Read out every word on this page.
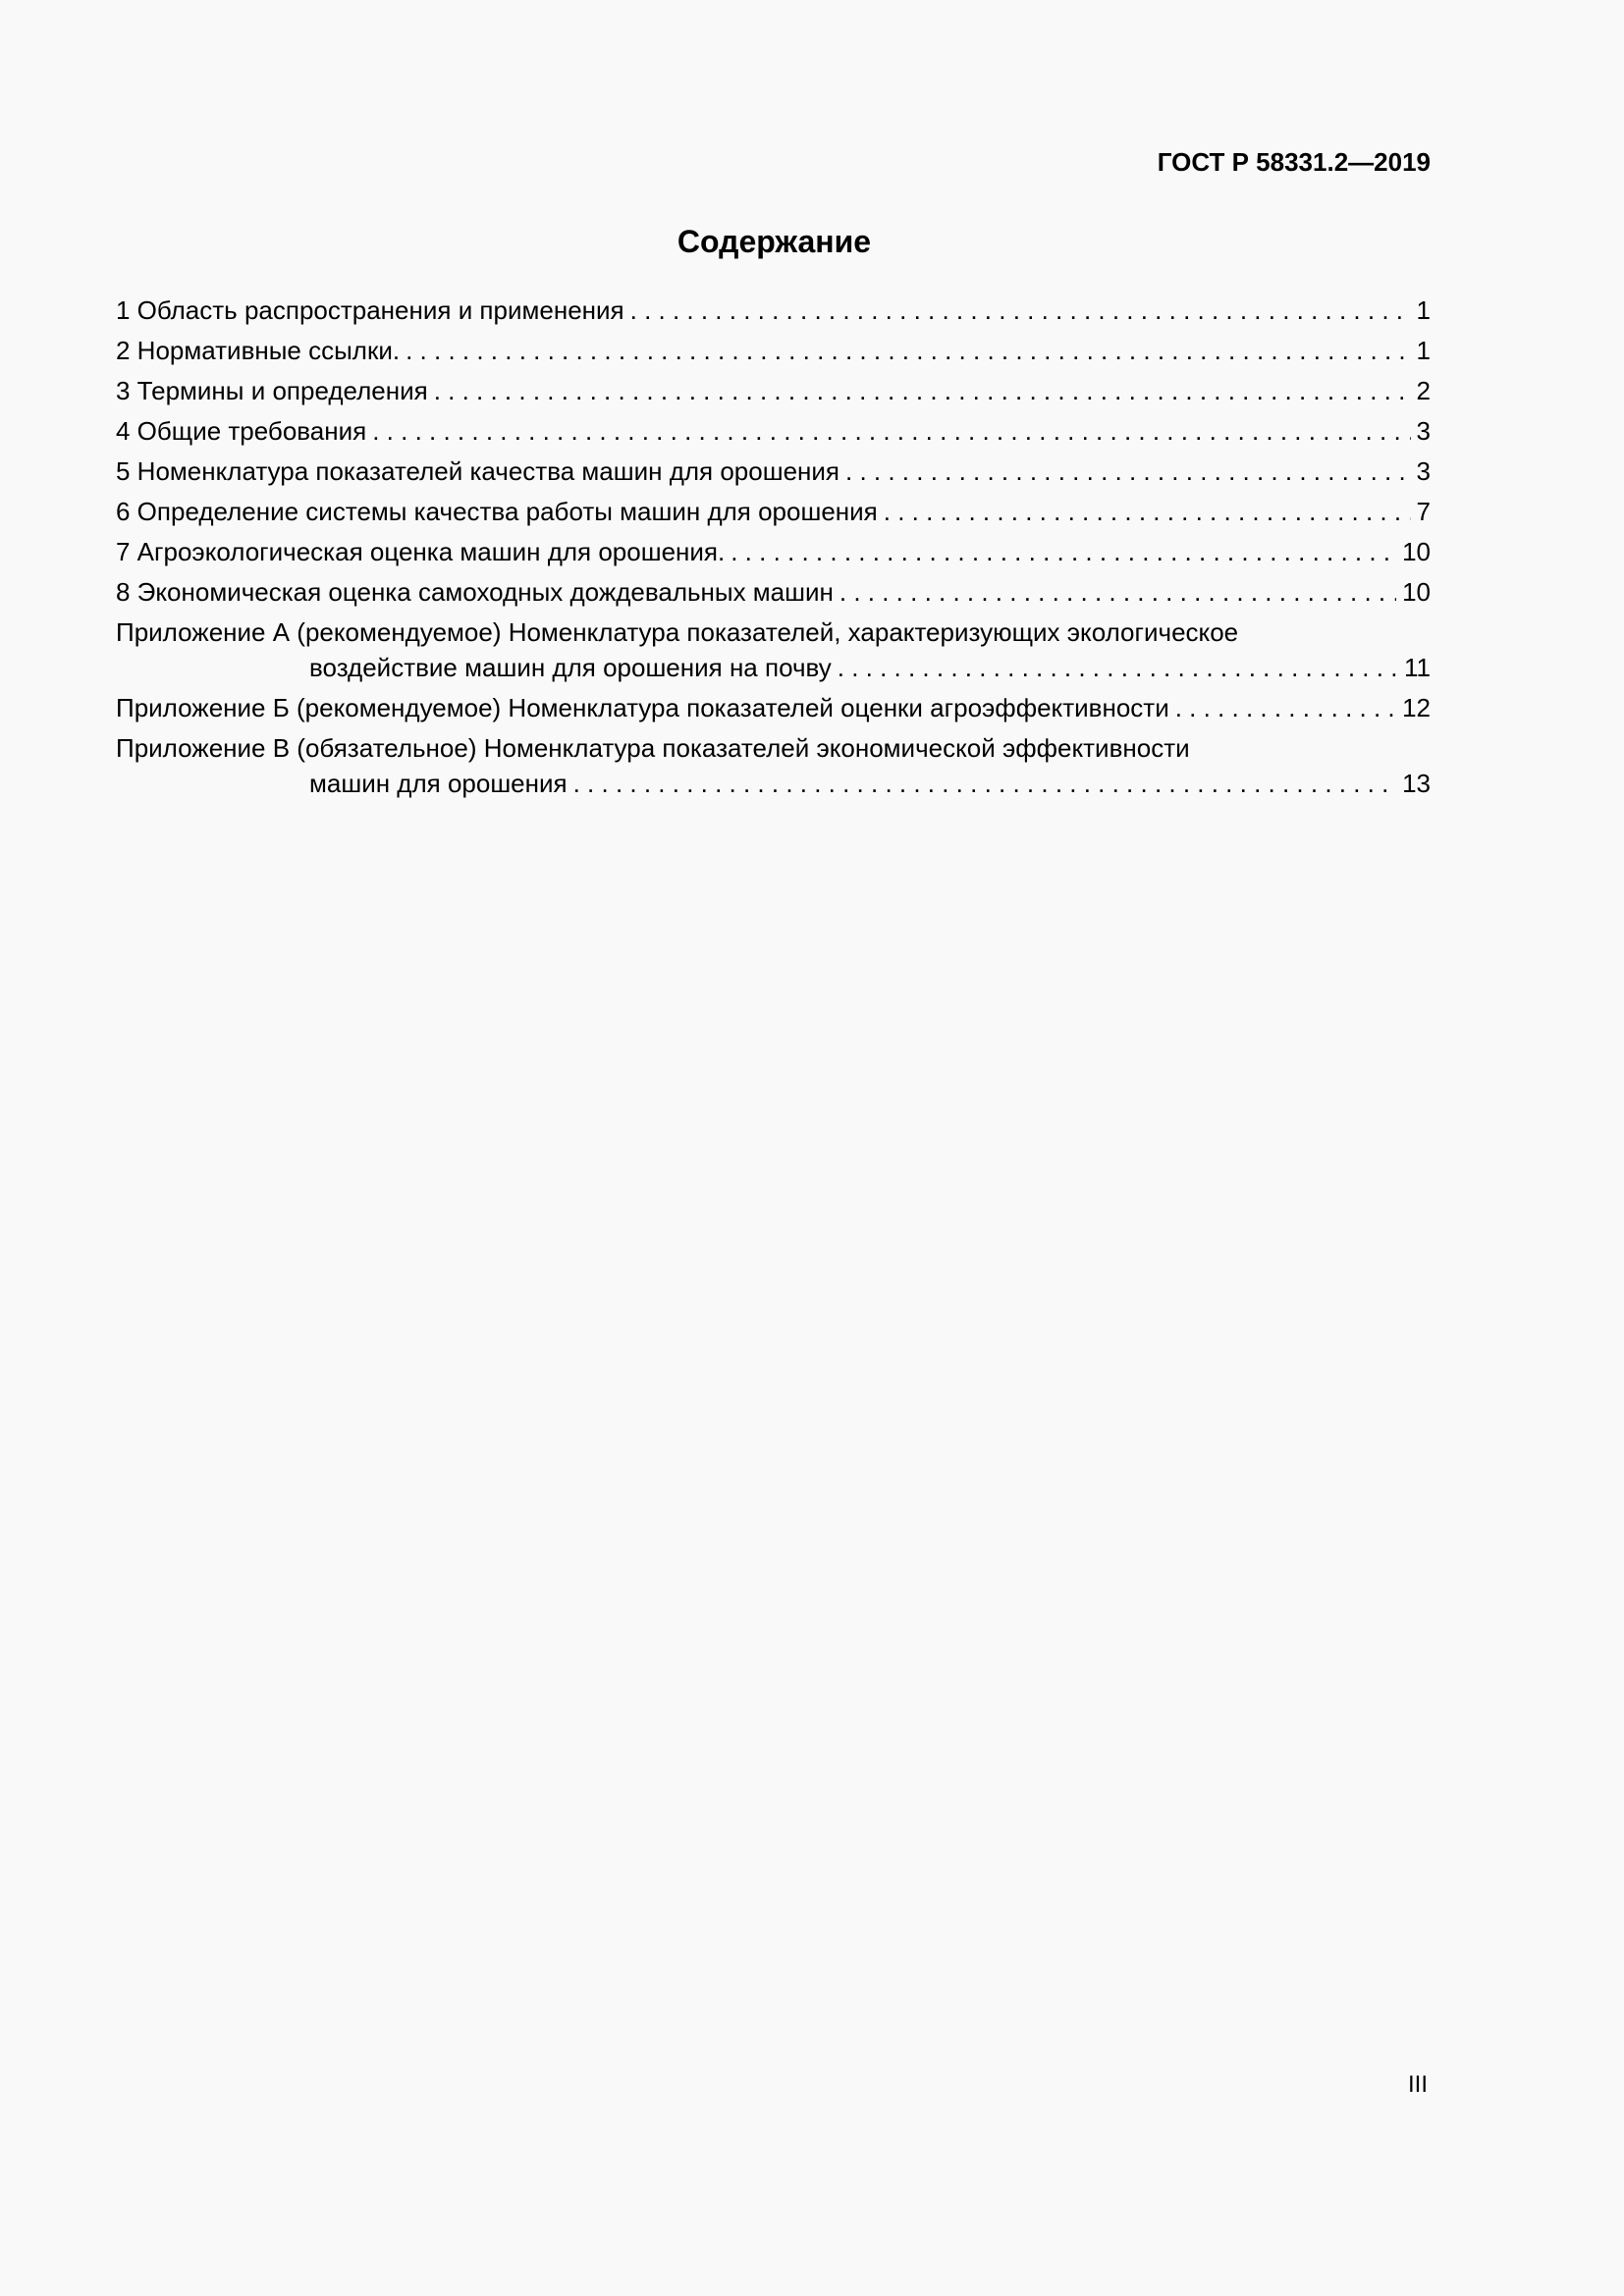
ГОСТ Р 58331.2—2019
Содержание
1 Область распространения и применения . . .	1
2 Нормативные ссылки. . . .	1
3 Термины и определения . . .	2
4 Общие требования . . .	3
5 Номенклатура показателей качества машин для орошения . . .	3
6 Определение системы качества работы машин для орошения . . .	7
7 Агроэкологическая оценка машин для орошения. . . .	10
8 Экономическая оценка самоходных дождевальных машин . . .	10
Приложение А (рекомендуемое) Номенклатура показателей, характеризующих экологическое
воздействие машин для орошения на почву . . .	11
Приложение Б (рекомендуемое) Номенклатура показателей оценки агроэффективности . . .	12
Приложение В (обязательное) Номенклатура показателей экономической эффективности
машин для орошения . . .	13
III
